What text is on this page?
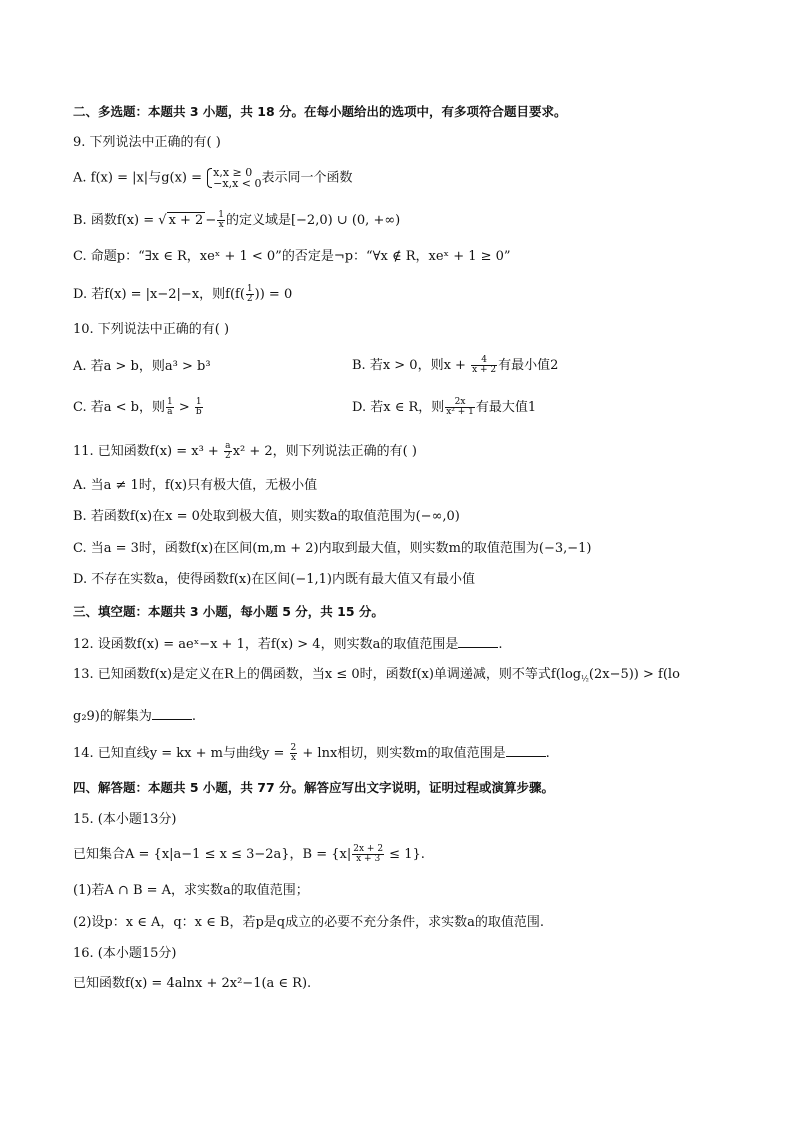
二、多选题：本题共 3 小题，共 18 分。在每小题给出的选项中，有多项符合题目要求。
9. 下列说法中正确的有( )
A. f(x) = |x|与g(x) = x,x ≥ 0
−x,x < 0 表示同一个函数
B. 函数f(x) = √ $x + 2 - \frac{1}{x}$ 的定义域是[−2,0) ∪ (0, +∞)
C. 命题p：“∃x ∈ R，xeˣ + 1 < 0”的否定是¬p：“∀x ∉ R，xeˣ + 1 ≥ 0”
D. 若f(x) = |x−2|−x，则$f(f( \frac{1}{2}$ )) = 0
10. 下列说法中正确的有( )
A. 若a > b，则a³ > b³	B. 若x > 0，则$x + \frac{4}{x + 2}$ 有最小值2
C. 若a < b，则 $\frac{1}{a} > \frac{1}{b}$	D. 若x ∈ R，则 $\frac{2x}{\text{x² + 1}}$ 有最大值1
11. 已知函数$f(x) = x^3 + \frac{a}{2} x^2 + 2$，则下列说法正确的有( )
A. 当a ≠ 1时，f(x)只有极大值，无极小值
B. 若函数f(x)在x = 0处取到极大值，则实数a的取值范围为(−∞,0)
C. 当a = 3时，函数f(x)在区间(m,m + 2)内取到最大值，则实数m的取值范围为(−3,−1)
D. 不存在实数a，使得函数f(x)在区间(−1,1)内既有最大值又有最小值
三、填空题：本题共 3 小题，每小题 5 分，共 15 分。
12. 设函数f(x) = aeˣ−x + 1，若f(x) > 4，则实数a的取值范围是	.
13. 已知函数f(x)是定义在R上的偶函数，当x ≤ 0时，函数f(x)单调递减，则不等式$f(\log_{\frac{1}{2}}(2x-5)) > f(lo$
g₂9)的解集为	.
14. 已知直线y = kx + m与曲线$y = \frac{2}{x} + \ln x$相切，则实数m的取值范围是	.
四、解答题：本题共 5 小题，共 77 分。解答应写出文字说明，证明过程或演算步骤。
15. (本小题13分)
已知集合A = {x|a−1 ≤ x ≤ 3−2a}，$B = \{x| \frac{2x + 2}{x + 3} \le 1\}$.
(1)若A ∩ B = A，求实数a的取值范围；
(2)设p：x ∈ A，q：x ∈ B，若p是q成立的必要不充分条件，求实数a的取值范围.
16. (本小题15分)
已知函数f(x) = 4alnx + 2x²−1(a ∈ R).
